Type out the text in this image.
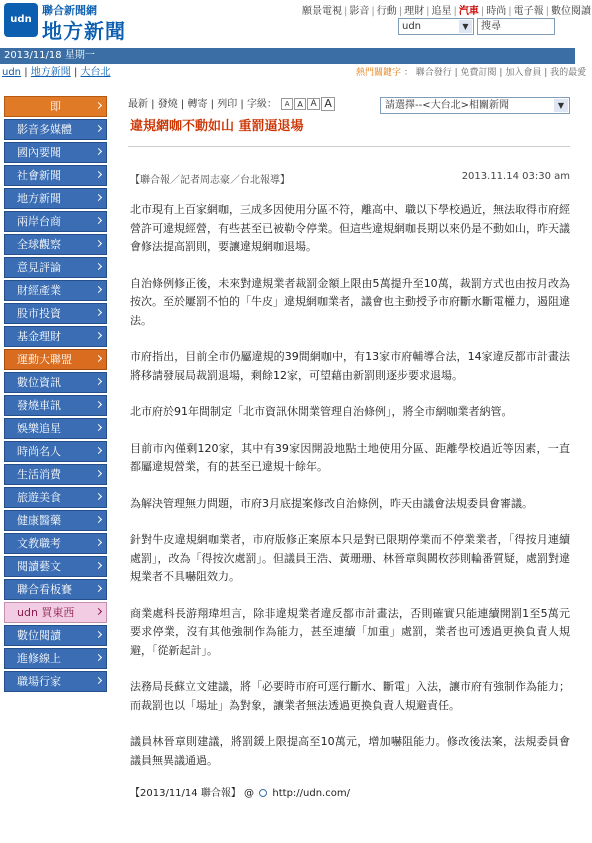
udn
聯合新聞網
地方新聞
願景電視 | 影音 | 行動 | 理財 | 追星 | 汽車 | 時尚 | 電子報 | 數位閱讀
udn	▼	搜尋
2013/11/18 星期一
udn | 地方新聞 | 大台北	熱門關鍵字 ： 聯合發行 | 免費訂閱 | 加入會員 | 我的最愛
即
影音多媒體
國內要聞
社會新聞
地方新聞
兩岸台商
全球觀察
意見評論
財經產業
股市投資
基金理財
運動大聯盟
數位資訊
發燒車訊
娛樂追星
時尚名人
生活消費
旅遊美食
健康醫藥
文教職考
閱讀藝文
聯合看板賽
udn 買東西
數位閱讀
進修線上
職場行家
最新 | 發燒 | 轉寄 | 列印 | 字級： A A A A	請選擇--<大台北>相關新聞	▼
違規網咖不動如山 重罰逼退場
【聯合報／記者周志豪／台北報導】	2013.11.14 03:30 am

北市現有上百家網咖，三成多因使用分區不符，離高中、職以下學校過近，無法取得市府經營許可違規經營，有些甚至已被勒令停業。但這些違規網咖長期以來仍是不動如山，昨天議會修法提高罰則，要讓違規網咖退場。

自治條例修正後，未來對違規業者裁罰金額上限由5萬提升至10萬，裁罰方式也由按月改為按次。至於屢罰不怕的「牛皮」違規網咖業者，議會也主動授予市府斷水斷電權力，遏阻違法。

市府指出，目前全市仍屬違規的39間網咖中，有13家市府輔導合法，14家違反都市計畫法將移請發展局裁罰退場，剩餘12家，可望藉由新罰則逐步要求退場。

北市府於91年間制定「北市資訊休閒業管理自治條例」，將全市網咖業者納管。

目前市內僅剩120家，其中有39家因開設地點土地使用分區、距離學校過近等因素，一直都屬違規營業，有的甚至已違規十餘年。

為解決管理無力問題，市府3月底提案修改自治條例，昨天由議會法規委員會審議。

針對牛皮違規網咖業者，市府版修正案原本只是對已限期停業而不停業業者，「得按月連續處罰」，改為「得按次處罰」。但議員王浩、黃珊珊、林晉章與闕枚莎則輪番質疑，處罰對違規業者不具嚇阻效力。

商業處科長游翔瑋坦言，除非違規業者違反都市計畫法，否則確實只能連續開罰1至5萬元要求停業，沒有其他強制作為能力，甚至連續「加重」處罰，業者也可透過更換負責人規避，「從新起計」。

法務局長蘇立文建議，將「必要時市府可逕行斷水、斷電」入法，讓市府有強制作為能力；而裁罰也以「場址」為對象，讓業者無法透過更換負責人規避責任。

議員林晉章則建議，將罰鍰上限提高至10萬元，增加嚇阻能力。修改後法案，法規委員會議員無異議通過。

【2013/11/14 聯合報】 @ http://udn.com/
